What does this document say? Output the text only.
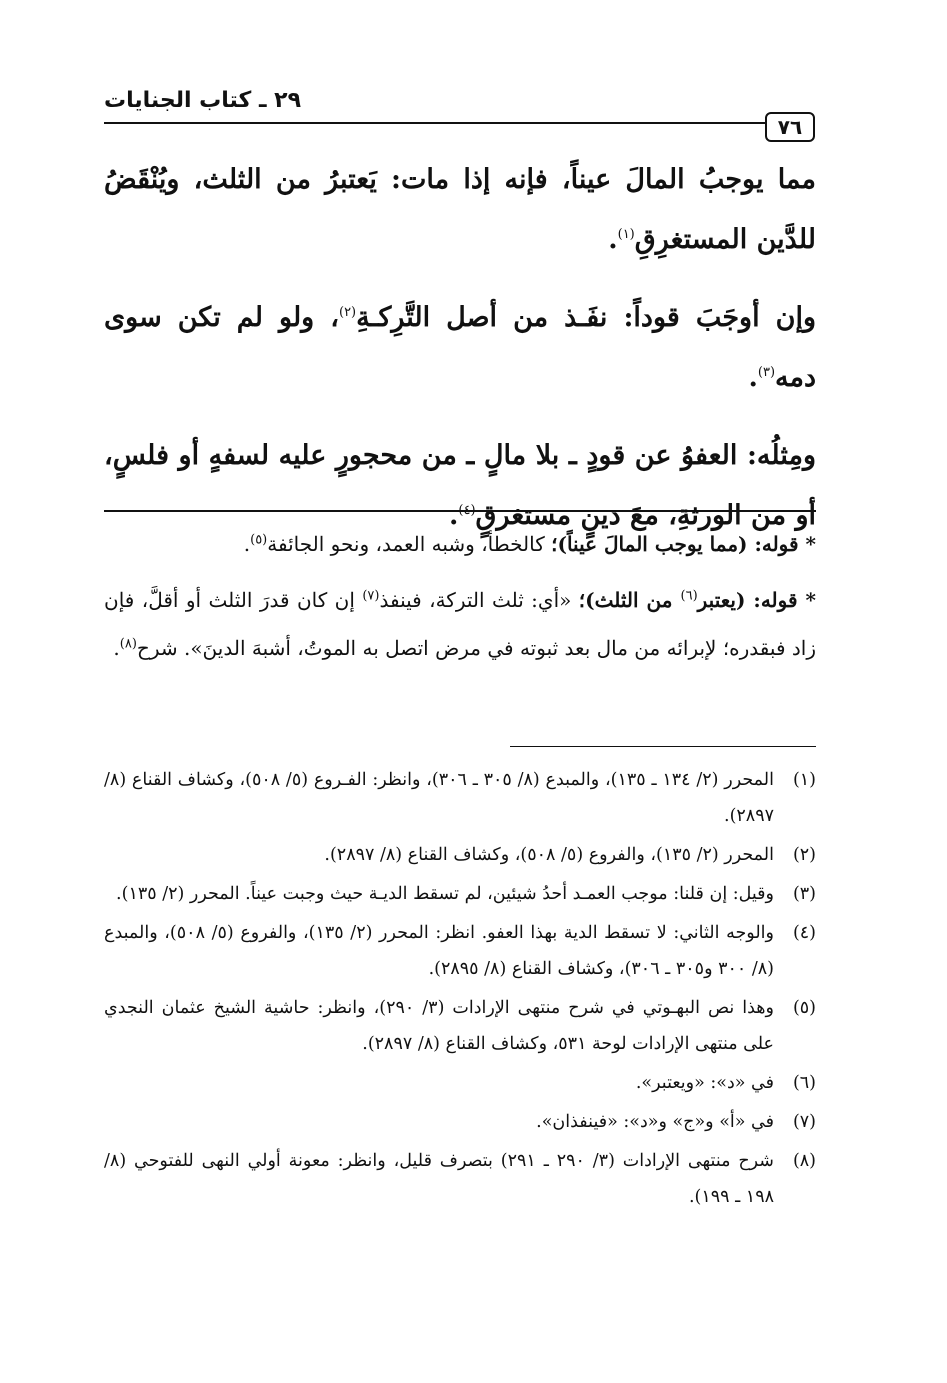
٢٩ ـ كتاب الجنايات
٧٦

مما يوجبُ المالَ عيناً، فإنه إذا مات: يَعتبرُ من الثلث، ويُنْقَضُ للدَّين المستغرِقِ$^{(١)}$.

وإن أوجَبَ قوداً: نفَـذ من أصل التَّرِكـةِ$^{(٢)}$، ولو لم تكن سوى دمه$^{(٣)}$.

ومِثلُه: العفوُ عن قودٍ ـ بلا مالٍ ـ من محجورٍ عليه لسفهٍ أو فلسٍ، أو من الورثةِ، معَ دينٍ مستغرقٍ$^{(٤)}$.

* قوله: (مما يوجب المالَ عيناً)؛ كالخطأ، وشبه العمد، ونحو الجائفة$^{(٥)}$.

* قوله: (يعتبر$^{(٦)}$ من الثلث)؛ «أي: ثلث التركة، فينفذ$^{(٧)}$ إن كان قدرَ الثلث أو أقلَّ، فإن زاد فبقدره؛ لإبرائه من مال بعد ثبوته في مرض اتصل به الموتُ، أشبهَ الدينَ». شرح$^{(٨)}$.

(١)
المحرر (٢/ ١٣٤ ـ ١٣٥)، والمبدع (٨/ ٣٠٥ ـ ٣٠٦)، وانظر: الفـروع (٥/ ٥٠٨)، وكشاف القناع (٨/ ٢٨٩٧).
(٢)
المحرر (٢/ ١٣٥)، والفروع (٥/ ٥٠٨)، وكشاف القناع (٨/ ٢٨٩٧).
(٣)
وقيل: إن قلنا: موجب العمـد أحدُ شيئين، لم تسقط الديـة حيث وجبت عيناً. المحرر (٢/ ١٣٥).
(٤)
والوجه الثاني: لا تسقط الدية بهذا العفو. انظر: المحرر (٢/ ١٣٥)، والفروع (٥/ ٥٠٨)، والمبدع (٨/ ٣٠٠ و٣٠٥ ـ ٣٠٦)، وكشاف القناع (٨/ ٢٨٩٥).
(٥)
وهذا نص البهـوتي في شرح منتهى الإرادات (٣/ ٢٩٠)، وانظر: حاشية الشيخ عثمان النجدي على منتهى الإرادات لوحة ٥٣١، وكشاف القناع (٨/ ٢٨٩٧).
(٦)
في «د»: «ويعتبر».
(٧)
في «أ» و«ج» و«د»: «فينفذان».
(٨)
شرح منتهى الإرادات (٣/ ٢٩٠ ـ ٢٩١) بتصرف قليل، وانظر: معونة أولي النهى للفتوحي (٨/ ١٩٨ ـ ١٩٩).
